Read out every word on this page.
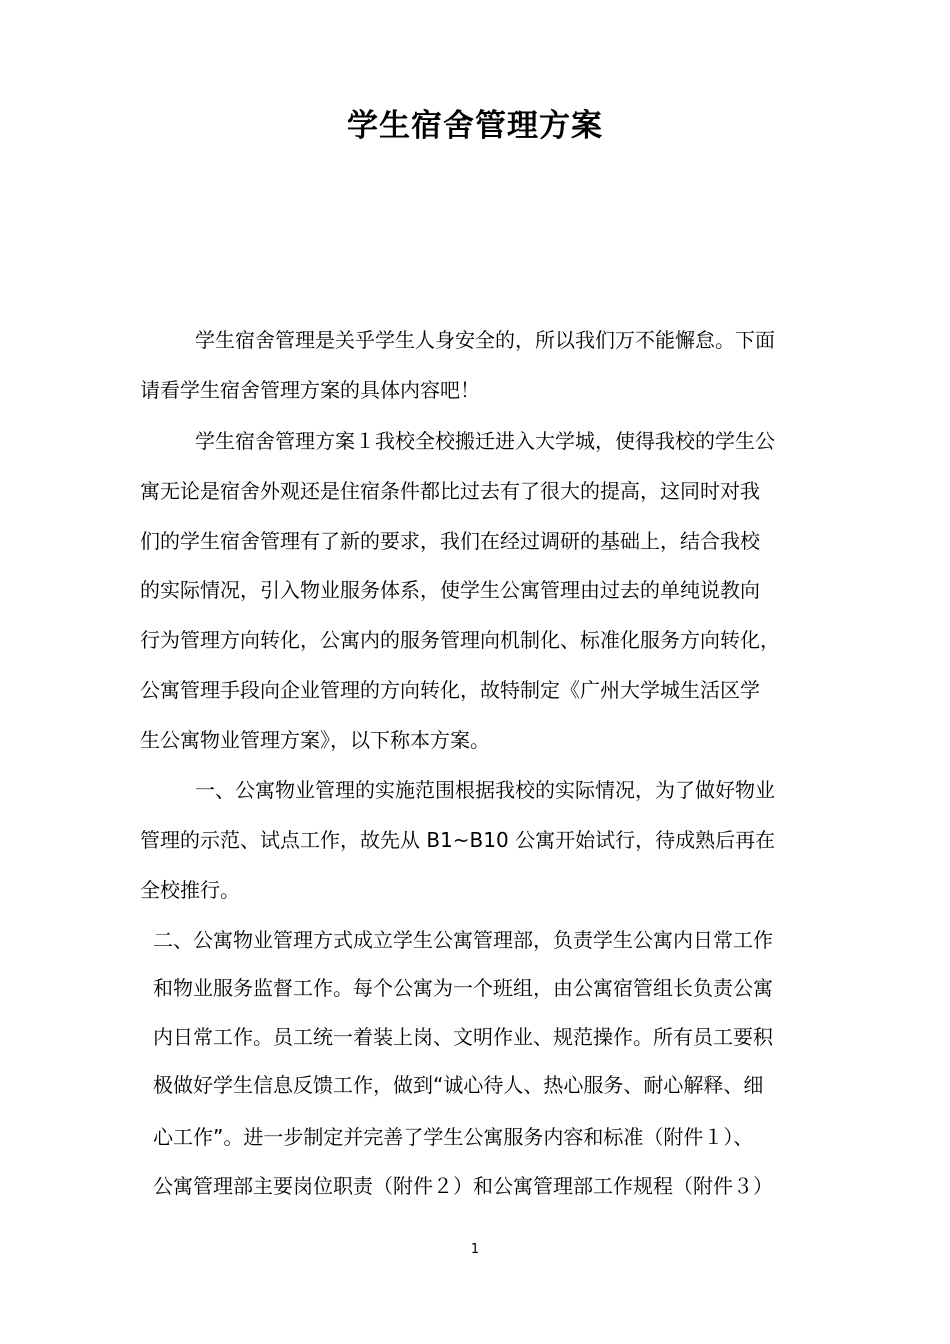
学生宿舍管理方案
学生宿舍管理是关乎学生人身安全的，所以我们万不能懈怠。下面
请看学生宿舍管理方案的具体内容吧！
学生宿舍管理方案１我校全校搬迁进入大学城，使得我校的学生公
寓无论是宿舍外观还是住宿条件都比过去有了很大的提高，这同时对我
们的学生宿舍管理有了新的要求，我们在经过调研的基础上，结合我校
的实际情况，引入物业服务体系，使学生公寓管理由过去的单纯说教向
行为管理方向转化，公寓内的服务管理向机制化、标准化服务方向转化，
公寓管理手段向企业管理的方向转化，故特制定《广州大学城生活区学
生公寓物业管理方案》，以下称本方案。
一、公寓物业管理的实施范围根据我校的实际情况，为了做好物业
管理的示范、试点工作，故先从 B1~B10 公寓开始试行，待成熟后再在
全校推行。
二、公寓物业管理方式成立学生公寓管理部，负责学生公寓内日常工作
和物业服务监督工作。每个公寓为一个班组，由公寓宿管组长负责公寓
内日常工作。员工统一着装上岗、文明作业、规范操作。所有员工要积
极做好学生信息反馈工作，做到“诚心待人、热心服务、耐心解释、细
心工作”。进一步制定并完善了学生公寓服务内容和标准（附件１）、
公寓管理部主要岗位职责（附件２）和公寓管理部工作规程（附件３）
1
